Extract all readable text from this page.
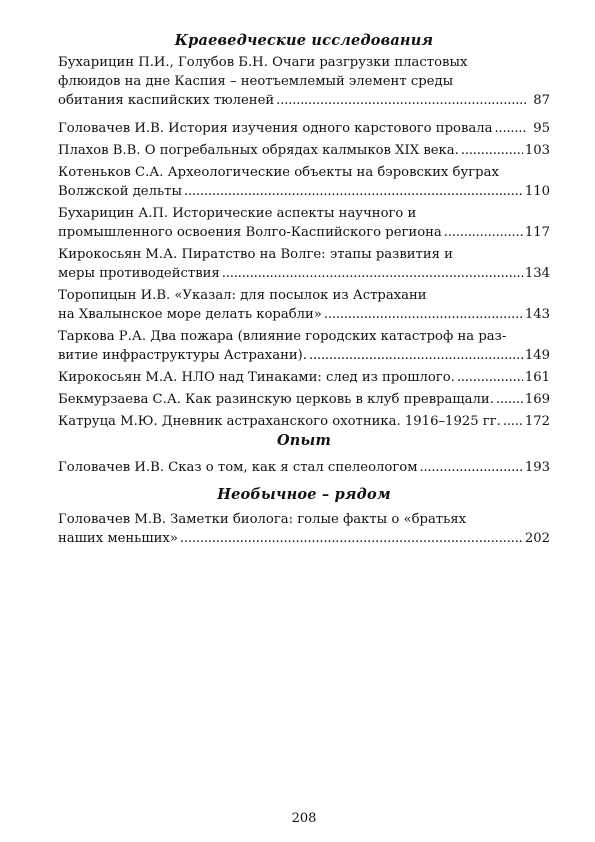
Краеведческие исследования
Бухарицин П.И., Голубов Б.Н. Очаги разгрузки пластовых
флюидов на дне Каспия – неотъемлемый элемент среды
обитания каспийских тюленей . . .	87
Головачев И.В. История изучения одного карстового провала . . .	95
Плахов В.В. О погребальных обрядах калмыков XIX века. . . .	103
Котеньков С.А. Археологические объекты на бэровских буграх
Волжской дельты . . .	110
Бухарицин А.П. Исторические аспекты научного и
промышленного освоения Волго-Каспийского региона . . .	117
Кирокосьян М.А. Пиратство на Волге: этапы развития и
меры противодействия . . .	134
Торопицын И.В. «Указал: для посылок из Астрахани
на Хвалынское море делать корабли» . . .	143
Таркова Р.А. Два пожара (влияние городских катастроф на раз-
витие инфраструктуры Астрахани). . . .	149
Кирокосьян М.А. НЛО над Тинаками: след из прошлого. . . .	161
Бекмурзаева С.А. Как разинскую церковь в клуб превращали. . . . 169
Катруца М.Ю. Дневник астраханского охотника. 1916–1925 гг. . . . 172
Опыт
Головачев И.В. Сказ о том, как я стал спелеологом . . .	193
Необычное – рядом
Головачев М.В. Заметки биолога: голые факты о «братьях
наших меньших» . . .	202
208
